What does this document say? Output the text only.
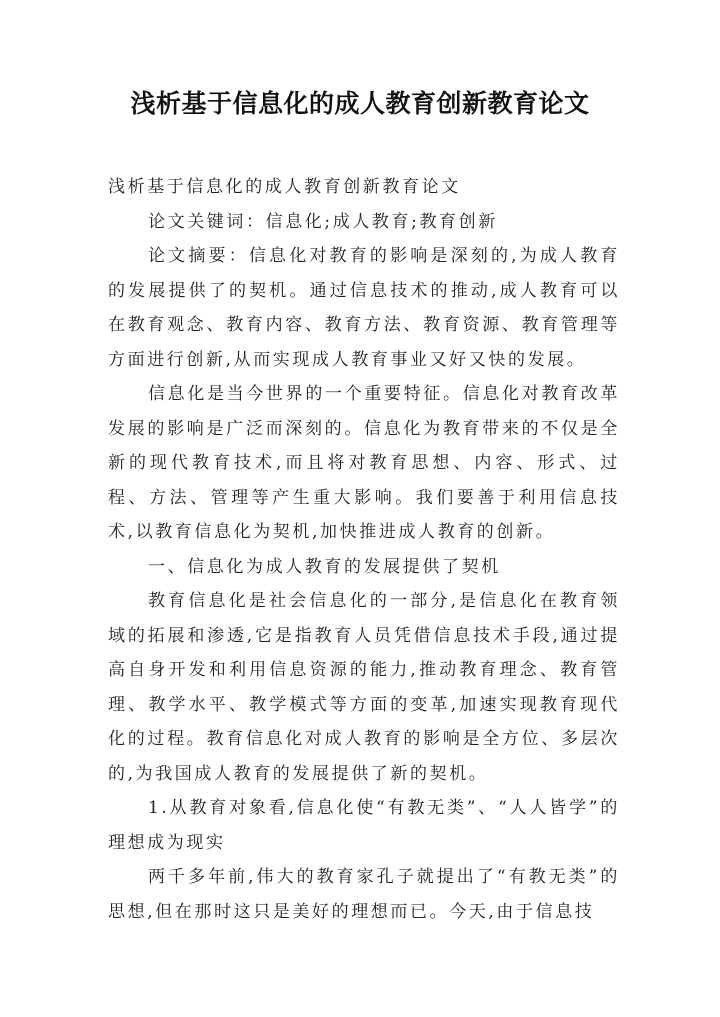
浅析基于信息化的成人教育创新教育论文

浅析基于信息化的成人教育创新教育论文

论文关键词：信息化;成人教育;教育创新

论文摘要：信息化对教育的影响是深刻的,为成人教育的发展提供了的契机。通过信息技术的推动,成人教育可以在教育观念、教育内容、教育方法、教育资源、教育管理等方面进行创新,从而实现成人教育事业又好又快的发展。

信息化是当今世界的一个重要特征。信息化对教育改革发展的影响是广泛而深刻的。信息化为教育带来的不仅是全新的现代教育技术,而且将对教育思想、内容、形式、过程、方法、管理等产生重大影响。我们要善于利用信息技术,以教育信息化为契机,加快推进成人教育的创新。

一、信息化为成人教育的发展提供了契机

教育信息化是社会信息化的一部分,是信息化在教育领域的拓展和渗透,它是指教育人员凭借信息技术手段,通过提高自身开发和利用信息资源的能力,推动教育理念、教育管理、教学水平、教学模式等方面的变革,加速实现教育现代化的过程。教育信息化对成人教育的影响是全方位、多层次的,为我国成人教育的发展提供了新的契机。

1.从教育对象看,信息化使“有教无类”、“人人皆学”的理想成为现实

两千多年前,伟大的教育家孔子就提出了“有教无类”的思想,但在那时这只是美好的理想而已。今天,由于信息技
